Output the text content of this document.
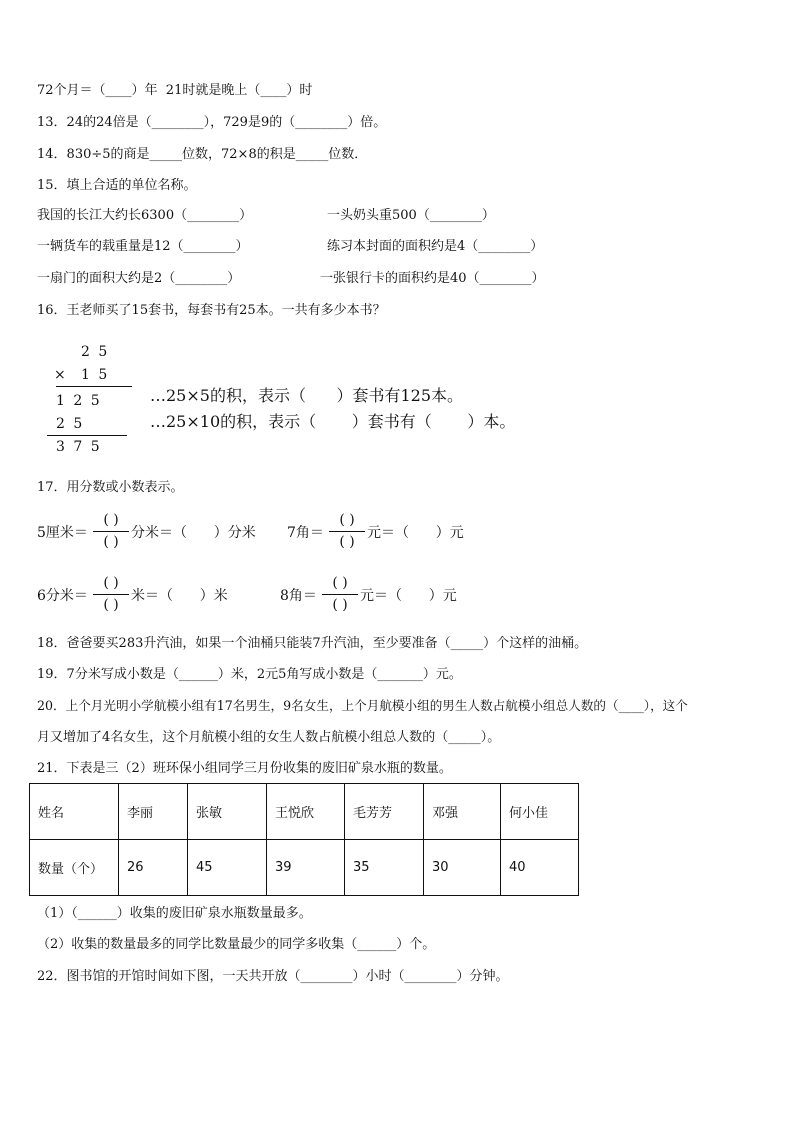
72个月＝（____）年  21时就是晚上（____）时
13．24的24倍是（________），729是9的（________）倍。
14．830÷5的商是_____位数，72×8的积是_____位数．
15．填上合适的单位名称。
我国的长江大约长6300（________）	一头奶头重500（________）
一辆货车的载重量是12（________）	练习本封面的面积约是4（________）
一扇门的面积大约是2（________）	一张银行卡的面积约是40（________）
16．王老师买了15套书，每套书有25本。一共有多少本书？
2 5
× 1 5
1 2 5
2 5
3 7 5
…25×5的积，表示（      ）套书有125本。
…25×10的积，表示（       ）套书有（       ）本。
17．用分数或小数表示。
5厘米＝
( )
( )
分米＝（      ）分米 7角＝
( )
( )
元＝（      ）元
6分米＝
( )
( )
米＝（      ）米	8角＝
( )
( )
元＝（      ）元
18．爸爸要买283升汽油，如果一个油桶只能装7升汽油，至少要准备（_____）个这样的油桶。
19．7分米写成小数是（______）米，2元5角写成小数是（_______）元。
20．上个月光明小学航模小组有17名男生，9名女生，上个月航模小组的男生人数占航模小组总人数的（____），这个
月又增加了4名女生，这个月航模小组的女生人数占航模小组总人数的（_____）。
21．下表是三（2）班环保小组同学三月份收集的废旧矿泉水瓶的数量。
姓名	李丽	张敏	王悦欣	毛芳芳	邓强	何小佳
数量（个）	26	45	39	35	30	40
（1）（______）收集的废旧矿泉水瓶数量最多。
（2）收集的数量最多的同学比数量最少的同学多收集（______）个。
22．图书馆的开馆时间如下图，一天共开放（________）小时（________）分钟。
